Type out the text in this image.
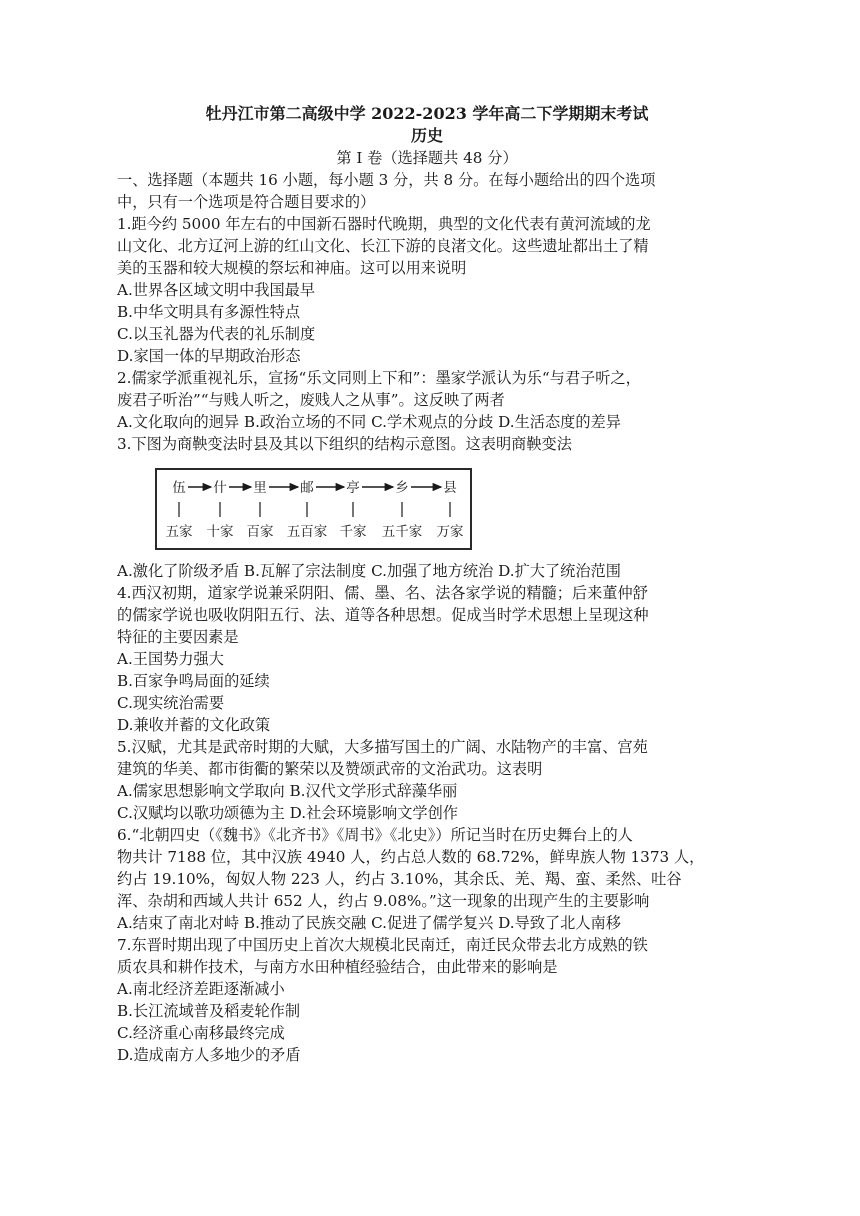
牡丹江市第二高级中学 2022-2023 学年高二下学期期末考试

历史

第 I 卷（选择题共 48 分）

一、选择题（本题共 16 小题，每小题 3 分，共 8 分。在每小题给出的四个选项

中，只有一个选项是符合题目要求的）

1.距今约 5000 年左右的中国新石器时代晚期，典型的文化代表有黄河流域的龙

山文化、北方辽河上游的红山文化、长江下游的良渚文化。这些遗址都出土了精

美的玉器和较大规模的祭坛和神庙。这可以用来说明

A.世界各区域文明中我国最早

B.中华文明具有多源性特点

C.以玉礼器为代表的礼乐制度

D.家国一体的早期政治形态

2.儒家学派重视礼乐，宣扬“乐文同则上下和”：墨家学派认为乐“与君子听之，

废君子听治”“与贱人听之，废贱人之从事”。这反映了两者

A.文化取向的迥异 B.政治立场的不同 C.学术观点的分歧 D.生活态度的差异

3.下图为商鞅变法时县及其以下组织的结构示意图。这表明商鞅变法

伍
五家
什
十家
里
百家
邮
五百家
亭
千家
乡
五千家
县
万家

A.激化了阶级矛盾 B.瓦解了宗法制度 C.加强了地方统治 D.扩大了统治范围

4.西汉初期，道家学说兼采阴阳、儒、墨、名、法各家学说的精髓；后来董仲舒

的儒家学说也吸收阴阳五行、法、道等各种思想。促成当时学术思想上呈现这种

特征的主要因素是

A.王国势力强大

B.百家争鸣局面的延续

C.现实统治需要

D.兼收并蓄的文化政策

5.汉赋，尤其是武帝时期的大赋，大多描写国土的广阔、水陆物产的丰富、宫苑

建筑的华美、都市街衢的繁荣以及赞颂武帝的文治武功。这表明

A.儒家思想影响文学取向 B.汉代文学形式辞藻华丽

C.汉赋均以歌功颂德为主 D.社会环境影响文学创作

6.“北朝四史（《魏书》《北齐书》《周书》《北史》）所记当时在历史舞台上的人

物共计 7188 位，其中汉族 4940 人，约占总人数的 68.72%，鲜卑族人物 1373 人，

约占 19.10%，匈奴人物 223 人，约占 3.10%，其余氐、羌、羯、蛮、柔然、吐谷

浑、杂胡和西域人共计 652 人，约占 9.08%。”这一现象的出现产生的主要影响

A.结束了南北对峙 B.推动了民族交融 C.促进了儒学复兴 D.导致了北人南移

7.东晋时期出现了中国历史上首次大规模北民南迁，南迁民众带去北方成熟的铁

质农具和耕作技术，与南方水田种植经验结合，由此带来的影响是

A.南北经济差距逐渐减小

B.长江流域普及稻麦轮作制

C.经济重心南移最终完成

D.造成南方人多地少的矛盾
